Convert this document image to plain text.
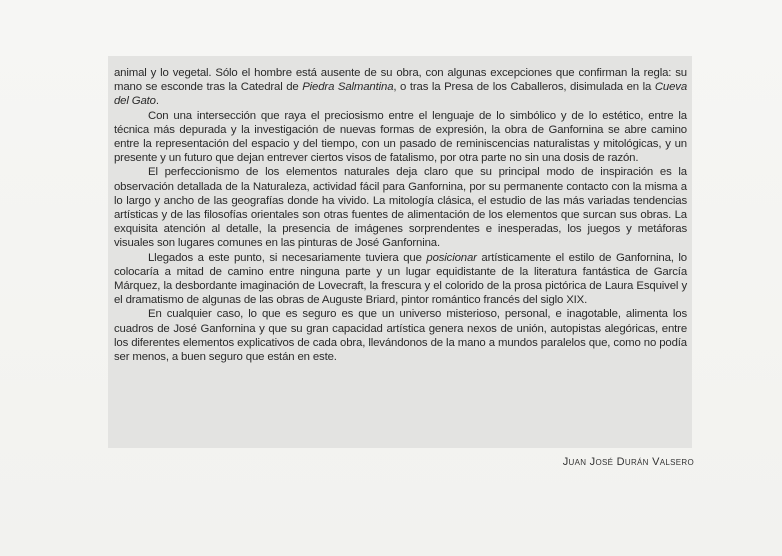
animal y lo vegetal. Sólo el hombre está ausente de su obra, con algunas excepciones que confirman la regla: su mano se esconde tras la Catedral de Piedra Salmantina, o tras la Presa de los Caballeros, disimulada en la Cueva del Gato.

Con una intersección que raya el preciosismo entre el lenguaje de lo simbólico y de lo estético, entre la técnica más depurada y la investigación de nuevas formas de expresión, la obra de Ganfornina se abre camino entre la representación del espacio y del tiempo, con un pasado de reminiscencias naturalistas y mitológicas, y un presente y un futuro que dejan entrever ciertos visos de fatalismo, por otra parte no sin una dosis de razón.

El perfeccionismo de los elementos naturales deja claro que su principal modo de inspiración es la observación detallada de la Naturaleza, actividad fácil para Ganfornina, por su permanente contacto con la misma a lo largo y ancho de las geografías donde ha vivido. La mitología clásica, el estudio de las más variadas tendencias artísticas y de las filosofías orientales son otras fuentes de alimentación de los elementos que surcan sus obras. La exquisita atención al detalle, la presencia de imágenes sorprendentes e inesperadas, los juegos y metáforas visuales son lugares comunes en las pinturas de José Ganfornina.

Llegados a este punto, si necesariamente tuviera que posicionar artísticamente el estilo de Ganfornina, lo colocaría a mitad de camino entre ninguna parte y un lugar equidistante de la literatura fantástica de García Márquez, la desbordante imaginación de Lovecraft, la frescura y el colorido de la prosa pictórica de Laura Esquivel y el dramatismo de algunas de las obras de Auguste Briard, pintor romántico francés del siglo XIX.

En cualquier caso, lo que es seguro es que un universo misterioso, personal, e inagotable, alimenta los cuadros de José Ganfornina y que su gran capacidad artística genera nexos de unión, autopistas alegóricas, entre los diferentes elementos explicativos de cada obra, llevándonos de la mano a mundos paralelos que, como no podía ser menos, a buen seguro que están en este.

Juan José Durán Valsero
